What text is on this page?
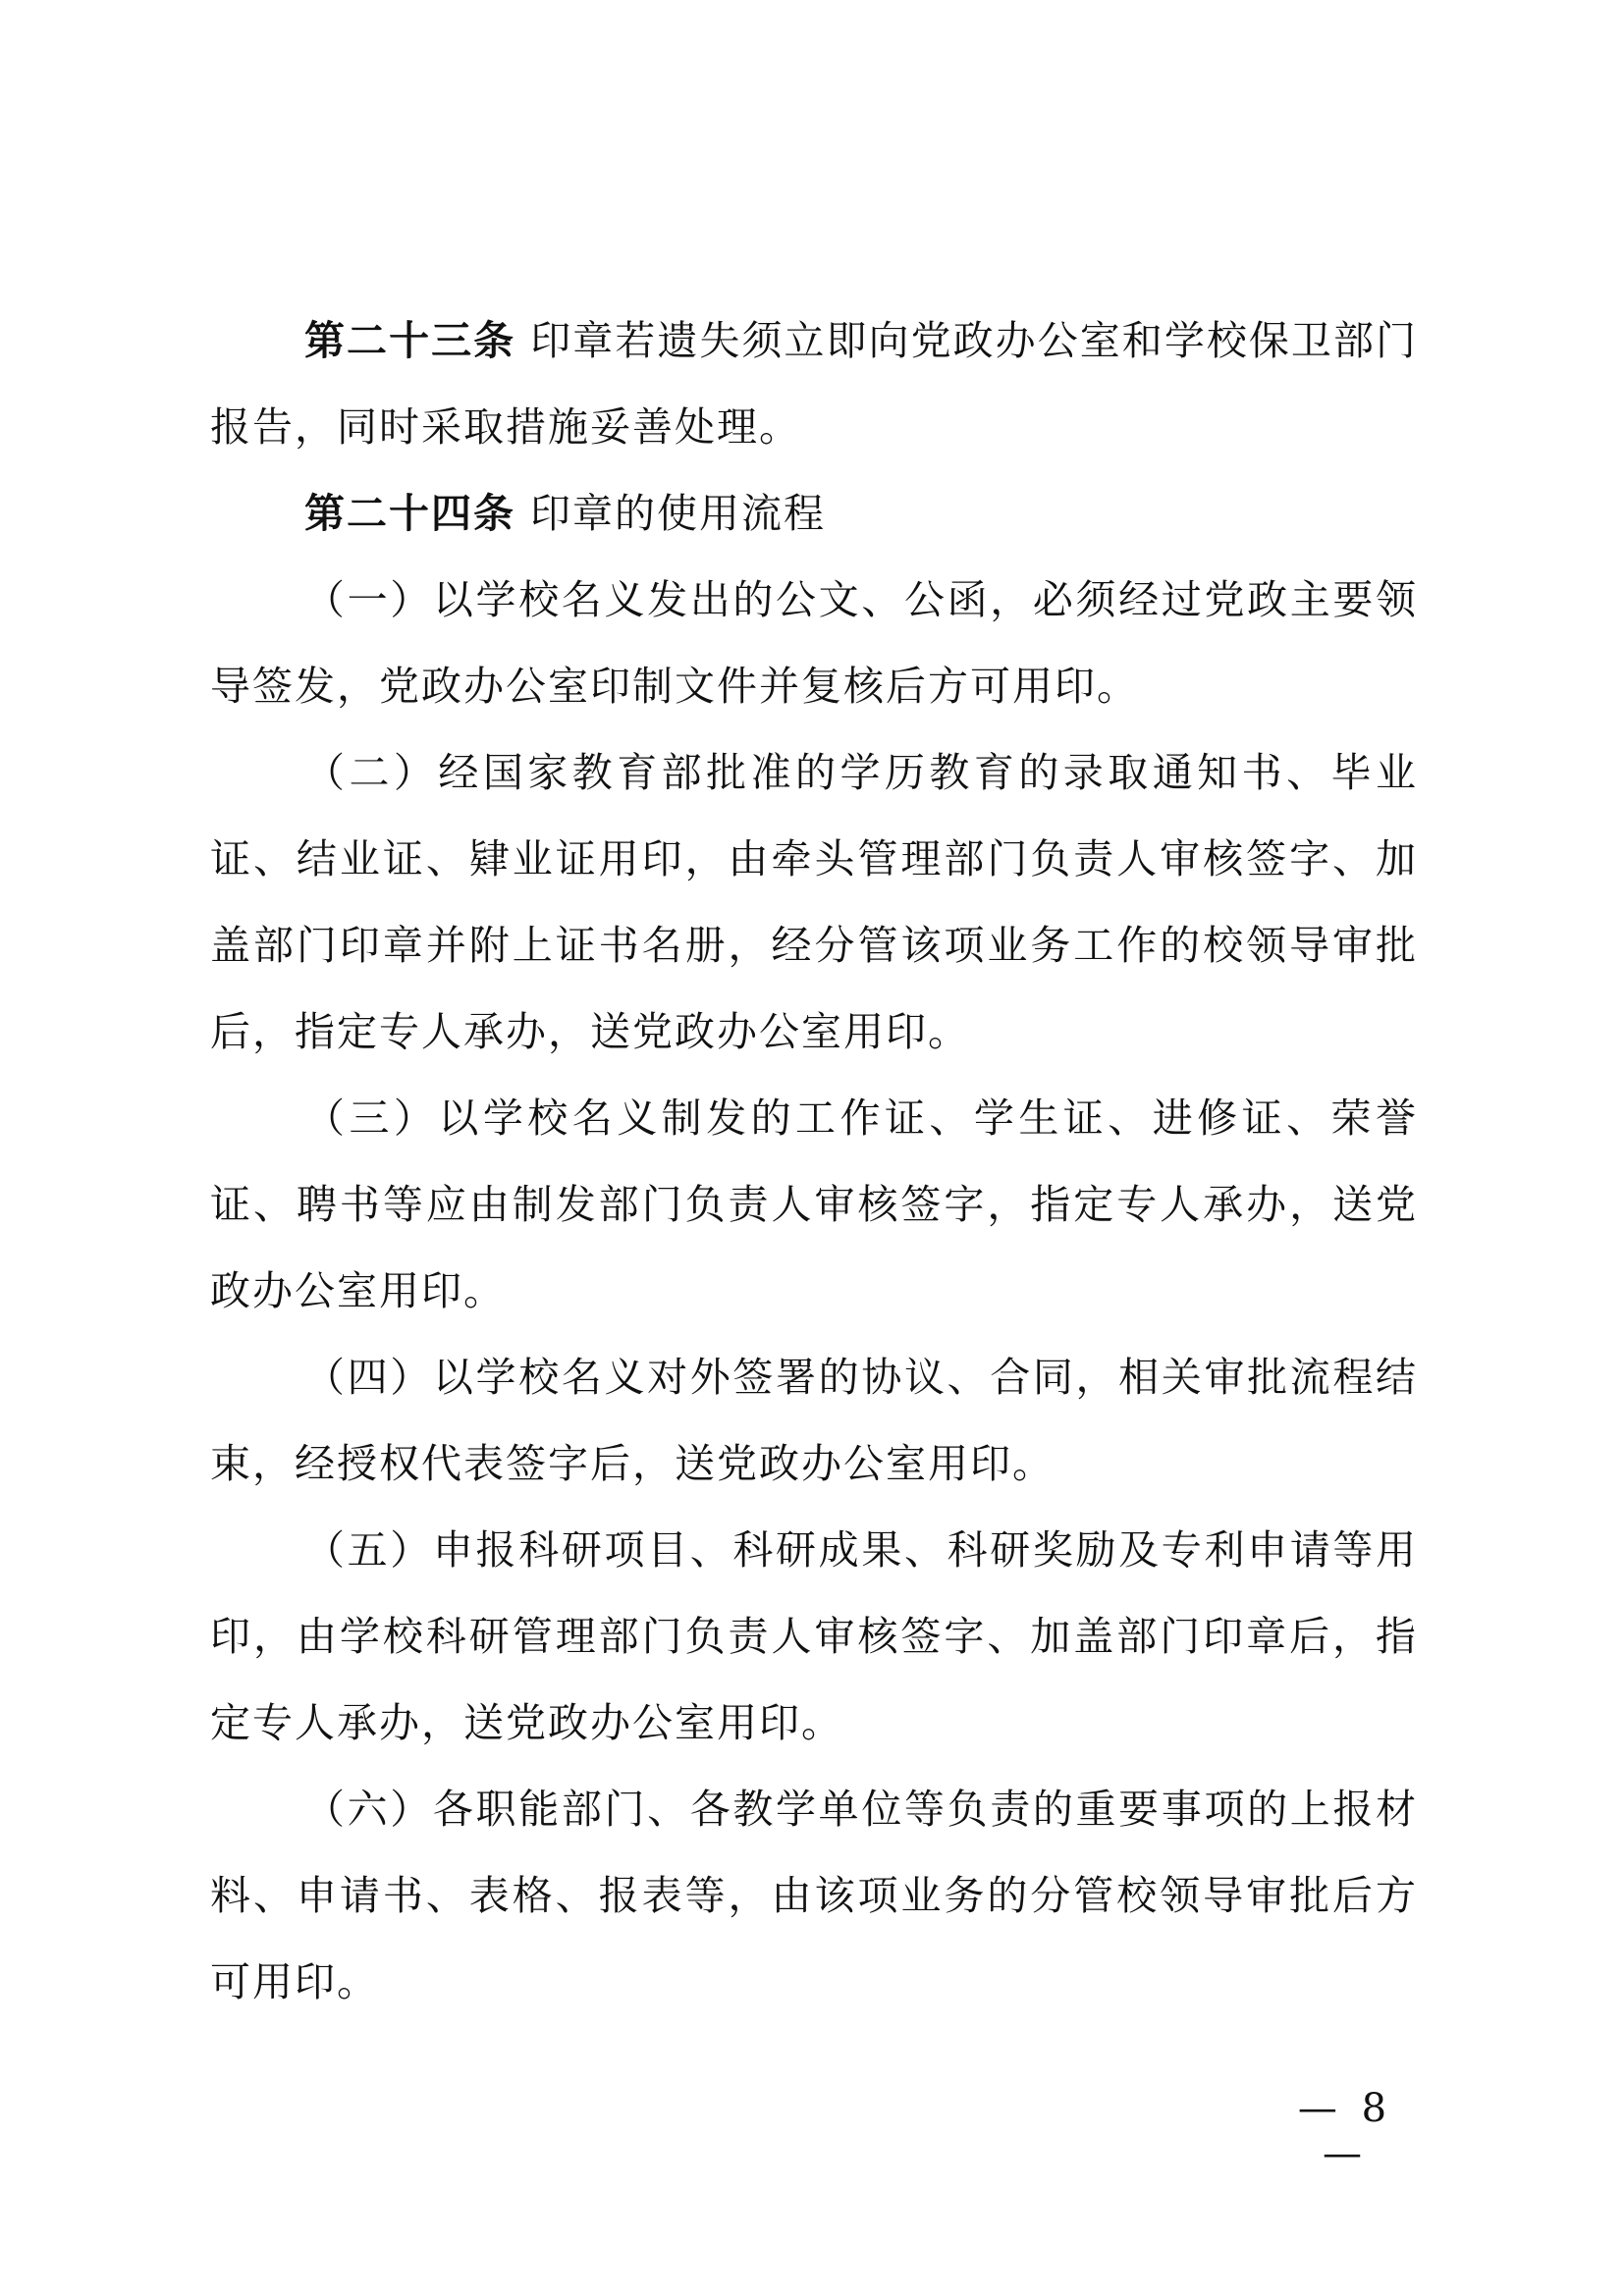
第二十三条 印章若遗失须立即向党政办公室和学校保卫部门报告，同时采取措施妥善处理。

第二十四条 印章的使用流程

（一）以学校名义发出的公文、公函，必须经过党政主要领导签发，党政办公室印制文件并复核后方可用印。

（二）经国家教育部批准的学历教育的录取通知书、毕业证、结业证、肄业证用印，由牵头管理部门负责人审核签字、加盖部门印章并附上证书名册，经分管该项业务工作的校领导审批后，指定专人承办，送党政办公室用印。

（三）以学校名义制发的工作证、学生证、进修证、荣誉证、聘书等应由制发部门负责人审核签字，指定专人承办，送党政办公室用印。

（四）以学校名义对外签署的协议、合同，相关审批流程结束，经授权代表签字后，送党政办公室用印。

（五）申报科研项目、科研成果、科研奖励及专利申请等用印，由学校科研管理部门负责人审核签字、加盖部门印章后，指定专人承办，送党政办公室用印。

（六）各职能部门、各教学单位等负责的重要事项的上报材料、申请书、表格、报表等，由该项业务的分管校领导审批后方可用印。

— 8 —
